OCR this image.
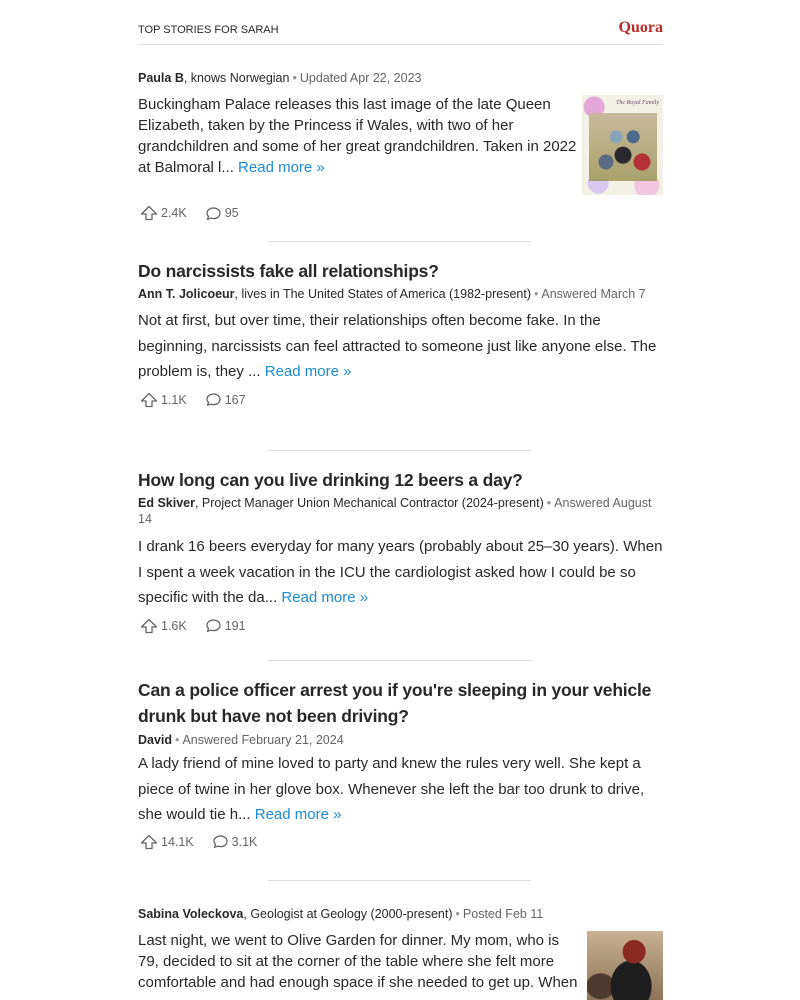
TOP STORIES FOR SARAH	Quora
Paula B, knows Norwegian • Updated Apr 22, 2023
Buckingham Palace releases this last image of the late Queen Elizabeth, taken by the Princess if Wales, with two of her grandchildren and some of her great grandchildren. Taken in 2022 at Balmoral l... Read more »
The Royal Family
2.4K	95
Do narcissists fake all relationships?
Ann T. Jolicoeur, lives in The United States of America (1982-present) • Answered March 7
Not at first, but over time, their relationships often become fake. In the beginning, narcissists can feel attracted to someone just like anyone else. The problem is, they ... Read more »
1.1K	167
How long can you live drinking 12 beers a day?
Ed Skiver, Project Manager Union Mechanical Contractor (2024-present) • Answered August 14
I drank 16 beers everyday for many years (probably about 25–30 years). When I spent a week vacation in the ICU the cardiologist asked how I could be so specific with the da... Read more »
1.6K	191
Can a police officer arrest you if you're sleeping in your vehicle drunk but have not been driving?
David • Answered February 21, 2024
A lady friend of mine loved to party and knew the rules very well. She kept a piece of twine in her glove box. Whenever she left the bar too drunk to drive, she would tie h... Read more »
14.1K	3.1K
Sabina Voleckova, Geologist at Geology (2000-present) • Posted Feb 11
Last night, we went to Olive Garden for dinner. My mom, who is 79, decided to sit at the corner of the table where she felt more comfortable and had enough space if she needed to get up. When
